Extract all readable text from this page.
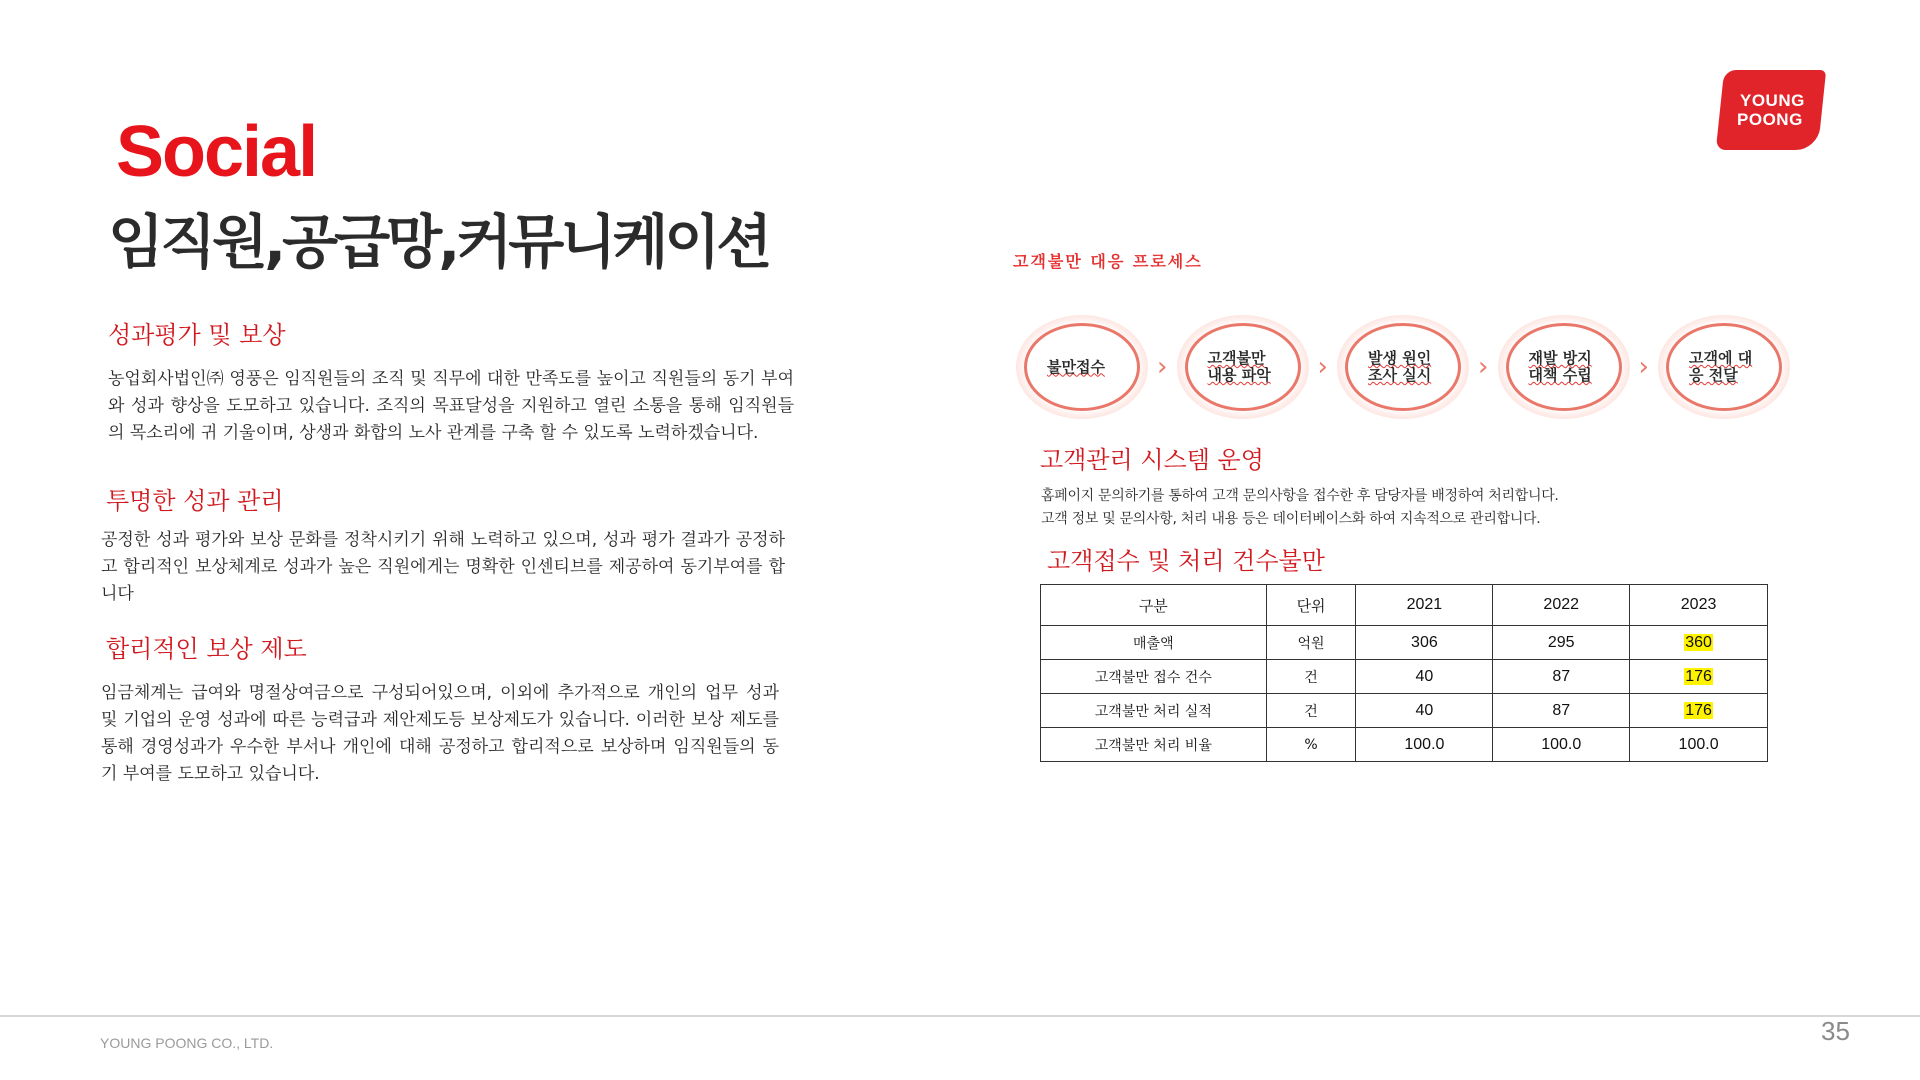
Social
임직원,공급망,커뮤니케이션
YOUNG
POONG
성과평가 및 보상
농업회사법인㈜ 영풍은 임직원들의 조직 및 직무에 대한 만족도를 높이고 직원들의 동기 부여와 성과 향상을 도모하고 있습니다. 조직의 목표달성을 지원하고 열린 소통을 통해 임직원들의 목소리에 귀 기울이며, 상생과 화합의 노사 관계를 구축 할 수 있도록 노력하겠습니다.
투명한 성과 관리
공정한 성과 평가와 보상 문화를 정착시키기 위해 노력하고 있으며, 성과 평가 결과가 공정하고 합리적인 보상체계로 성과가 높은 직원에게는 명확한 인센티브를 제공하여 동기부여를 합니다
합리적인 보상 제도
임금체계는 급여와 명절상여금으로 구성되어있으며, 이외에 추가적으로 개인의 업무 성과 및 기업의 운영 성과에 따른 능력급과 제안제도등 보상제도가 있습니다. 이러한 보상 제도를 통해 경영성과가 우수한 부서나 개인에 대해 공정하고 합리적으로 보상하며 임직원들의 동기 부여를 도모하고 있습니다.
고객불만 대응 프로세스
불만접수	›	고객불만내용 파악 ›	발생 원인조사 실시 ›	재발 방지 대책 수립 ›	고객에 대응 전달
고객관리 시스템 운영
홈페이지 문의하기를 통하여 고객 문의사항을 접수한 후 담당자를 배정하여 처리합니다.
고객 정보 및 문의사항, 처리 내용 등은 데이터베이스화 하여 지속적으로 관리합니다.
고객접수 및 처리 건수불만
구분	단위	2021	2022	2023
매출액	억원	306	295	360
고객불만 접수 건수	건	40	87	176
고객불만 처리 실적	건	40	87	176
고객불만 처리 비율	%	100.0	100.0	100.0
YOUNG POONG CO., LTD.	35
